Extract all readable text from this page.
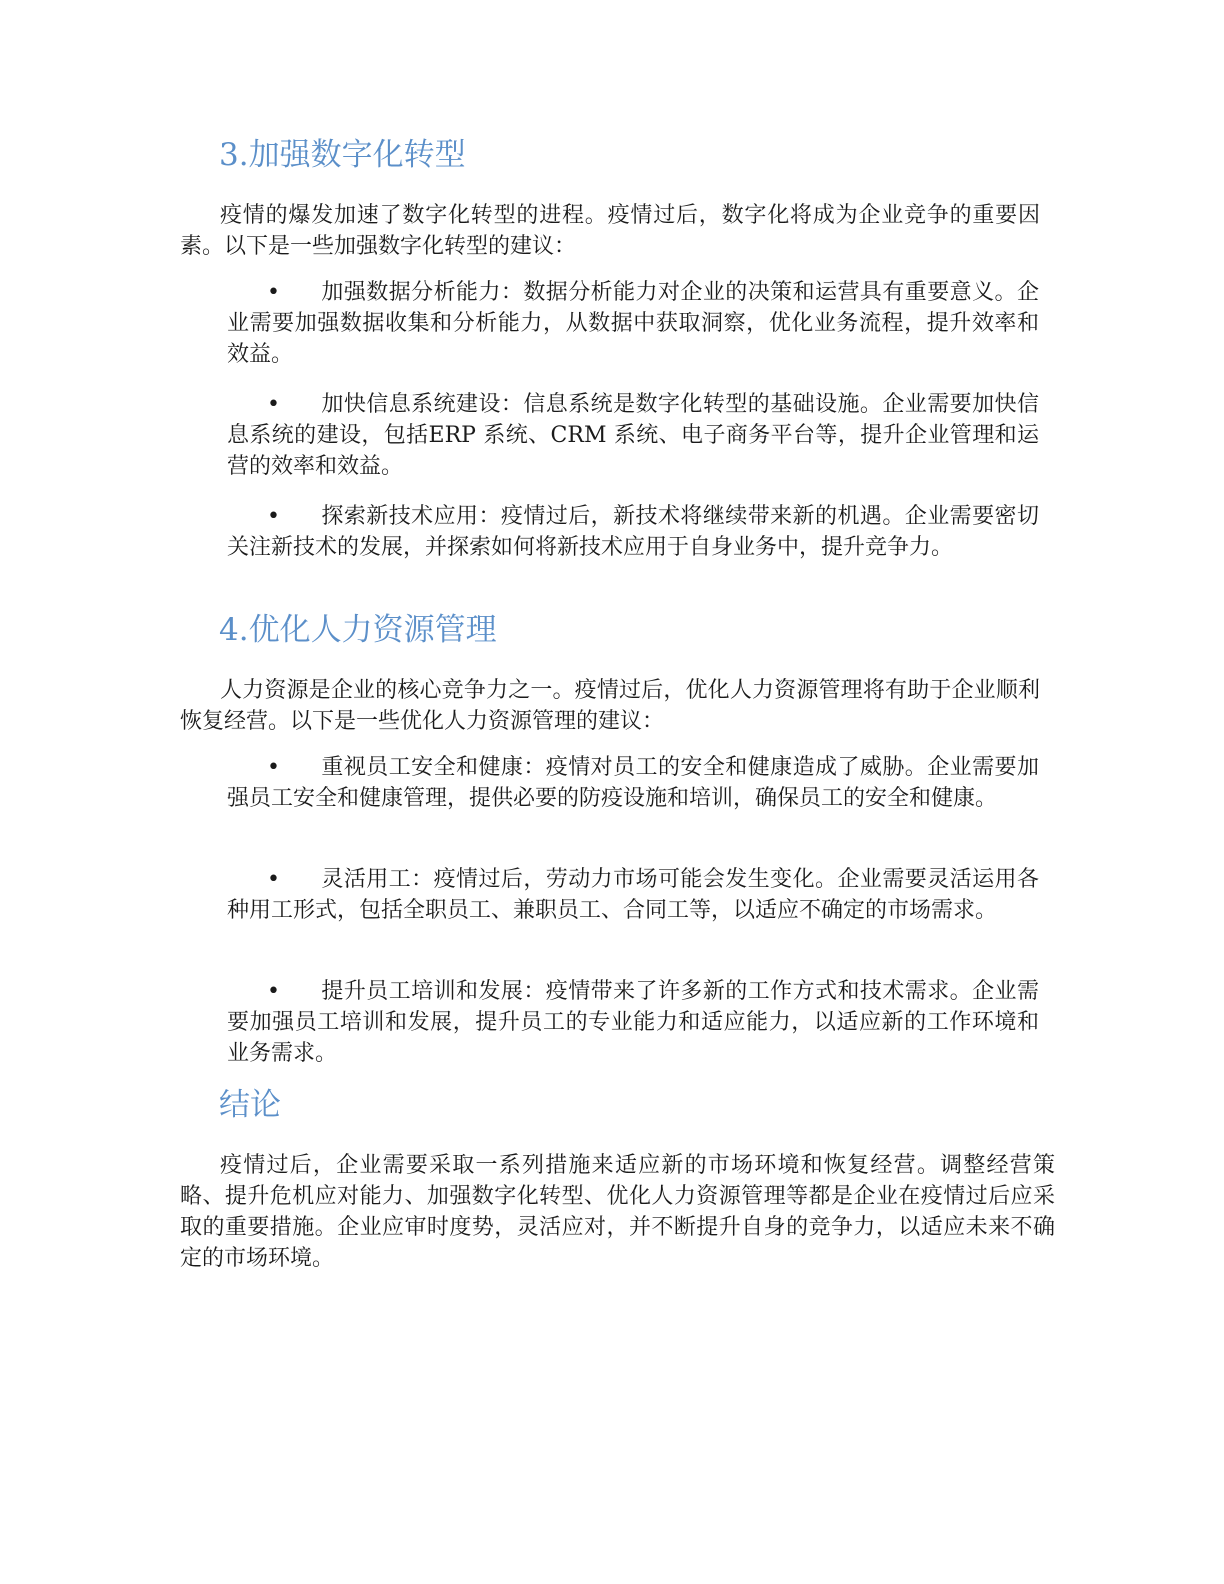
3.加强数字化转型

疫情的爆发加速了数字化转型的进程。疫情过后，数字化将成为企业竞争的重要因素。以下是一些加强数字化转型的建议：

• 加强数据分析能力：数据分析能力对企业的决策和运营具有重要意义。企业需要加强数据收集和分析能力，从数据中获取洞察，优化业务流程，提升效率和效益。

• 加快信息系统建设：信息系统是数字化转型的基础设施。企业需要加快信息系统的建设，包括ERP 系统、CRM 系统、电子商务平台等，提升企业管理和运营的效率和效益。

• 探索新技术应用：疫情过后，新技术将继续带来新的机遇。企业需要密切关注新技术的发展，并探索如何将新技术应用于自身业务中，提升竞争力。

4.优化人力资源管理

人力资源是企业的核心竞争力之一。疫情过后，优化人力资源管理将有助于企业顺利恢复经营。以下是一些优化人力资源管理的建议：

• 重视员工安全和健康：疫情对员工的安全和健康造成了威胁。企业需要加强员工安全和健康管理，提供必要的防疫设施和培训，确保员工的安全和健康。

• 灵活用工：疫情过后，劳动力市场可能会发生变化。企业需要灵活运用各种用工形式，包括全职员工、兼职员工、合同工等，以适应不确定的市场需求。

• 提升员工培训和发展：疫情带来了许多新的工作方式和技术需求。企业需要加强员工培训和发展，提升员工的专业能力和适应能力，以适应新的工作环境和业务需求。

结论

疫情过后，企业需要采取一系列措施来适应新的市场环境和恢复经营。调整经营策略、提升危机应对能力、加强数字化转型、优化人力资源管理等都是企业在疫情过后应采取的重要措施。企业应审时度势，灵活应对，并不断提升自身的竞争力，以适应未来不确定的市场环境。
